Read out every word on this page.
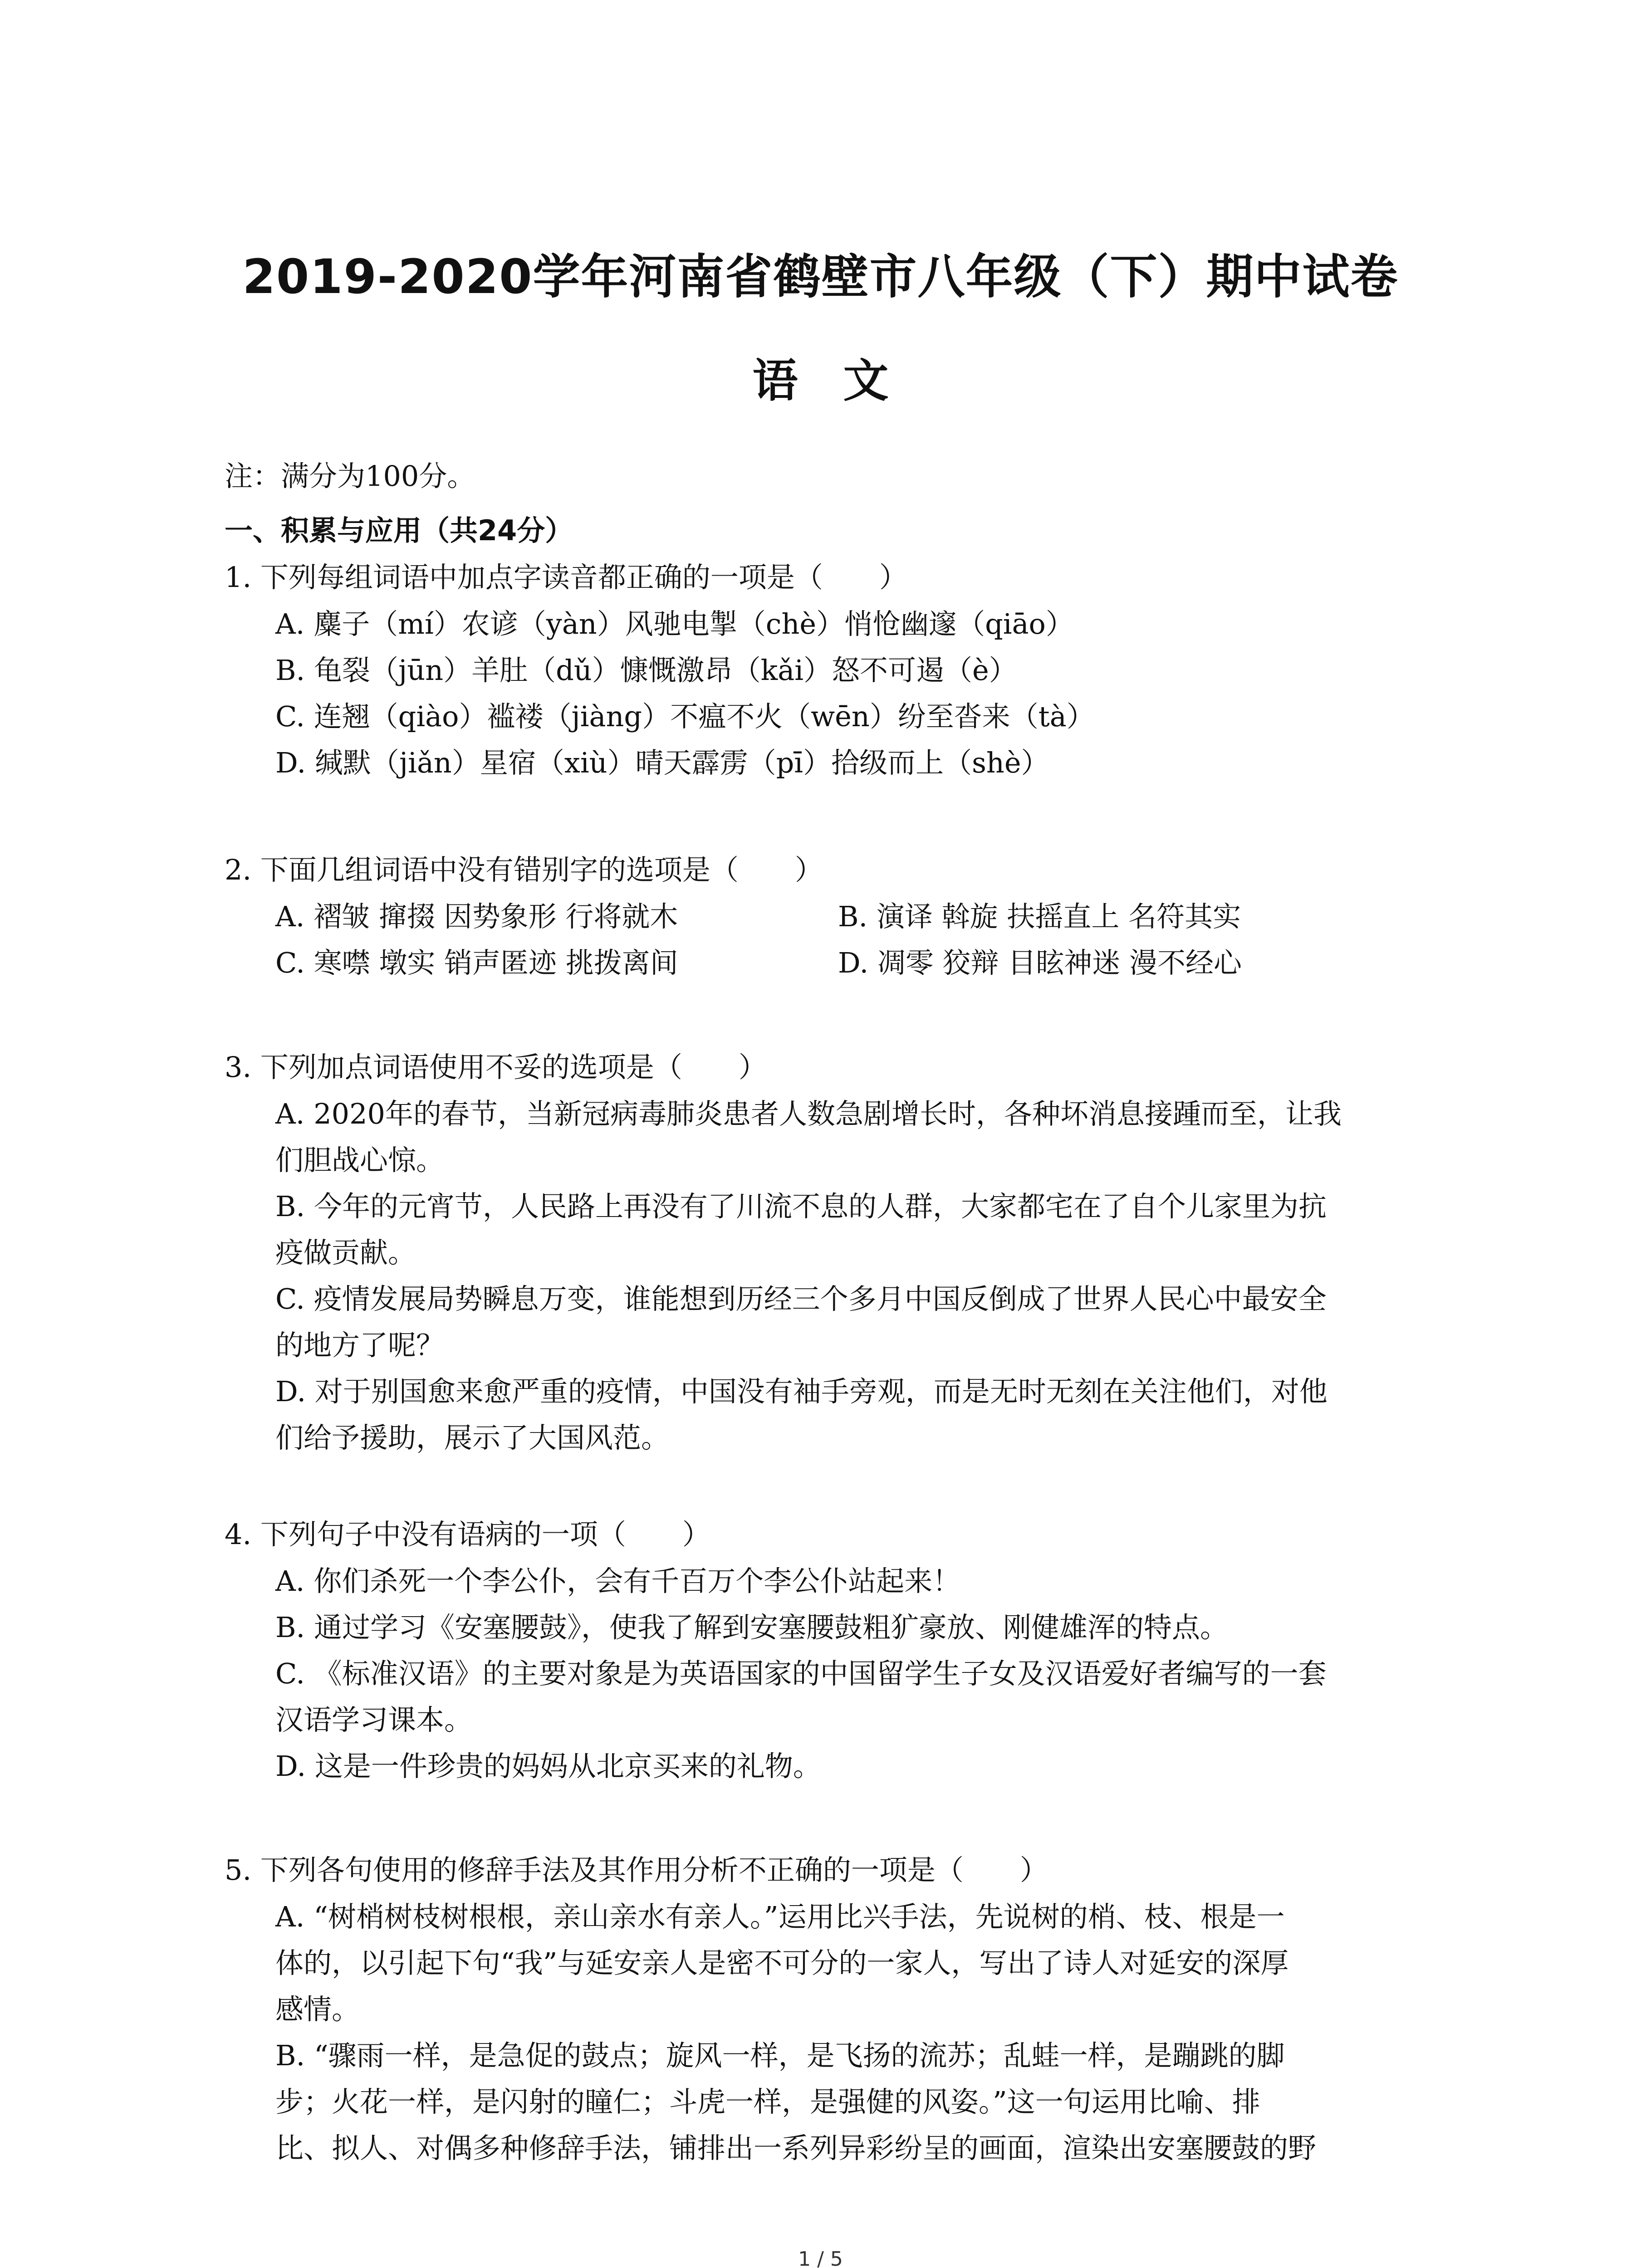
2019-2020学年河南省鹤壁市八年级（下）期中试卷
语　文
注：满分为100分。
一、积累与应用（共24分）
1. 下列每组词语中加点字读音都正确的一项是（　　）
A. 麋子（mí）农谚（yàn）风驰电掣（chè）悄怆幽邃（qiāo）
B. 龟裂（jūn）羊肚（dǔ）慷慨激昂（kǎi）怒不可遏（è）
C. 连翘（qiào）褴褛（jiàng）不瘟不火（wēn）纷至沓来（tà）
D. 缄默（jiǎn）星宿（xiù）晴天霹雳（pī）拾级而上（shè）
2. 下面几组词语中没有错别字的选项是（　　）
A. 褶皱 撺掇 因势象形 行将就木	B. 演译 斡旋 扶摇直上 名符其实
C. 寒噤 墩实 销声匿迹 挑拨离间	D. 凋零 狡辩 目眩神迷 漫不经心
3. 下列加点词语使用不妥的选项是（　　）
A. 2020年的春节，当新冠病毒肺炎患者人数急剧增长时，各种坏消息接踵而至，让我
们胆战心惊。
B. 今年的元宵节，人民路上再没有了川流不息的人群，大家都宅在了自个儿家里为抗
疫做贡献。
C. 疫情发展局势瞬息万变，谁能想到历经三个多月中国反倒成了世界人民心中最安全
的地方了呢？
D. 对于别国愈来愈严重的疫情，中国没有袖手旁观，而是无时无刻在关注他们，对他
们给予援助，展示了大国风范。
4. 下列句子中没有语病的一项（　　）
A. 你们杀死一个李公仆，会有千百万个李公仆站起来！
B. 通过学习《安塞腰鼓》，使我了解到安塞腰鼓粗犷豪放、刚健雄浑的特点。
C. 《标准汉语》的主要对象是为英语国家的中国留学生子女及汉语爱好者编写的一套
汉语学习课本。
D. 这是一件珍贵的妈妈从北京买来的礼物。
5. 下列各句使用的修辞手法及其作用分析不正确的一项是（　　）
A. “树梢树枝树根根，亲山亲水有亲人。”运用比兴手法，先说树的梢、枝、根是一
体的，以引起下句“我”与延安亲人是密不可分的一家人，写出了诗人对延安的深厚
感情。
B. “骤雨一样，是急促的鼓点；旋风一样，是飞扬的流苏；乱蛙一样，是蹦跳的脚
步；火花一样，是闪射的瞳仁；斗虎一样，是强健的风姿。”这一句运用比喻、排
比、拟人、对偶多种修辞手法，铺排出一系列异彩纷呈的画面，渲染出安塞腰鼓的野
1 / 5
